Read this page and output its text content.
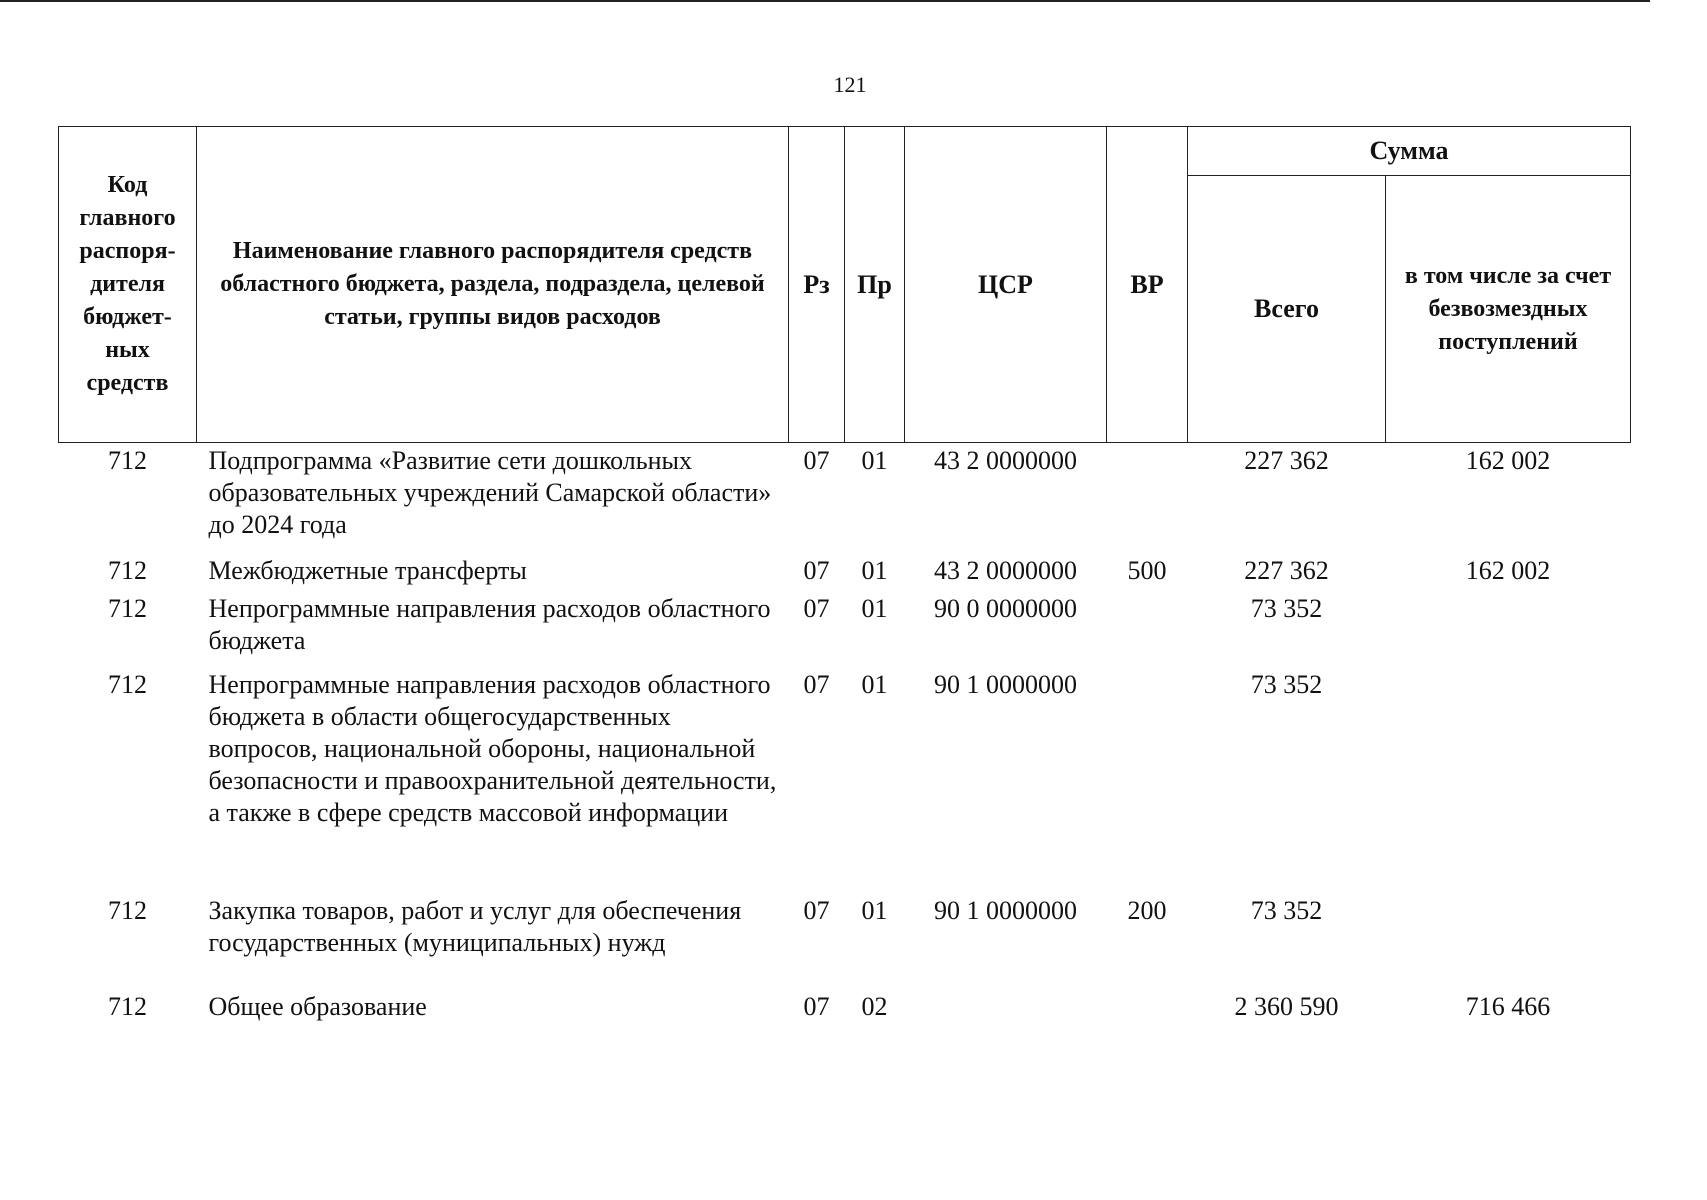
121
Код главного распоря-дителя бюджет-ных средств	Наименование главного распорядителя средств областного бюджета, раздела, подраздела, целевой статьи, группы видов расходов	Рз	Пр	ЦСР	ВР	Сумма	
						Всего	в том числе за счет безвозмездных поступлений
712	Подпрограмма «Развитие сети дошкольных образовательных учреждений Самарской области» до 2024 года	07	01	43 2 0000000		227 362	162 002
712	Межбюджетные трансферты	07	01	43 2 0000000	500	227 362	162 002
712	Непрограммные направления расходов областного бюджета	07	01	90 0 0000000		73 352	
712	Непрограммные направления расходов областного бюджета в области общегосударственных вопросов, национальной обороны, национальной безопасности и правоохранительной деятельности, а также в сфере средств массовой информации	07	01	90 1 0000000		73 352	
712	Закупка товаров, работ и услуг для обеспечения государственных (муниципальных) нужд	07	01	90 1 0000000	200	73 352	
712	Общее образование	07	02			2 360 590	716 466
